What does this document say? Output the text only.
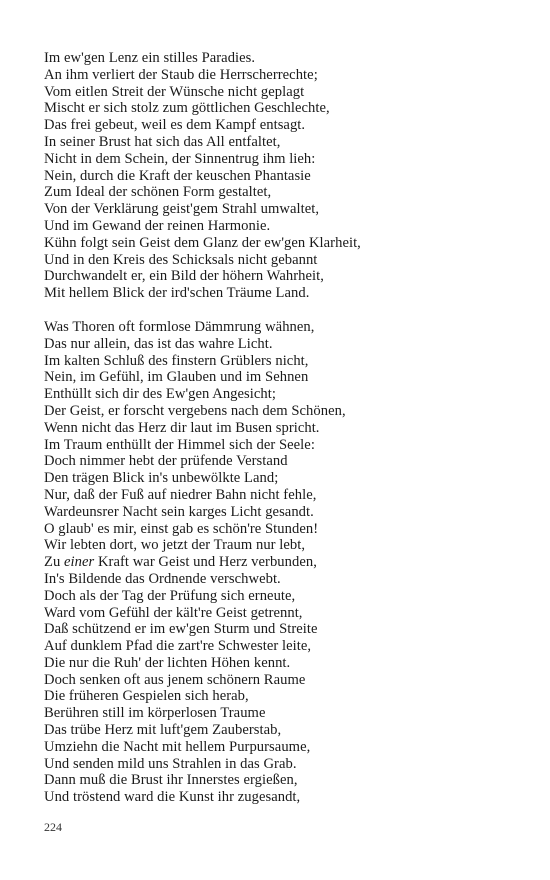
Im ew'gen Lenz ein stilles Paradies.
An ihm verliert der Staub die Herrscherrechte;
Vom eitlen Streit der Wünsche nicht geplagt
Mischt er sich stolz zum göttlichen Geschlechte,
Das frei gebeut, weil es dem Kampf entsagt.
In seiner Brust hat sich das All entfaltet,
Nicht in dem Schein, der Sinnentrug ihm lieh:
Nein, durch die Kraft der keuschen Phantasie
Zum Ideal der schönen Form gestaltet,
Von der Verklärung geist'gem Strahl umwaltet,
Und im Gewand der reinen Harmonie.
Kühn folgt sein Geist dem Glanz der ew'gen Klarheit,
Und in den Kreis des Schicksals nicht gebannt
Durchwandelt er, ein Bild der höhern Wahrheit,
Mit hellem Blick der ird'schen Träume Land.
Was Thoren oft formlose Dämmrung wähnen,
Das nur allein, das ist das wahre Licht.
Im kalten Schluß des finstern Grüblers nicht,
Nein, im Gefühl, im Glauben und im Sehnen
Enthüllt sich dir des Ew'gen Angesicht;
Der Geist, er forscht vergebens nach dem Schönen,
Wenn nicht das Herz dir laut im Busen spricht.
Im Traum enthüllt der Himmel sich der Seele:
Doch nimmer hebt der prüfende Verstand
Den trägen Blick in's unbewölkte Land;
Nur, daß der Fuß auf niedrer Bahn nicht fehle,
Wardeunsrer Nacht sein karges Licht gesandt.
O glaub' es mir, einst gab es schön're Stunden!
Wir lebten dort, wo jetzt der Traum nur lebt,
Zu einer Kraft war Geist und Herz verbunden,
In's Bildende das Ordnende verschwebt.
Doch als der Tag der Prüfung sich erneute,
Ward vom Gefühl der kält're Geist getrennt,
Daß schützend er im ew'gen Sturm und Streite
Auf dunklem Pfad die zart're Schwester leite,
Die nur die Ruh' der lichten Höhen kennt.
Doch senken oft aus jenem schönern Raume
Die früheren Gespielen sich herab,
Berühren still im körperlosen Traume
Das trübe Herz mit luft'gem Zauberstab,
Umziehn die Nacht mit hellem Purpursaume,
Und senden mild uns Strahlen in das Grab.
Dann muß die Brust ihr Innerstes ergießen,
Und tröstend ward die Kunst ihr zugesandt,
224
